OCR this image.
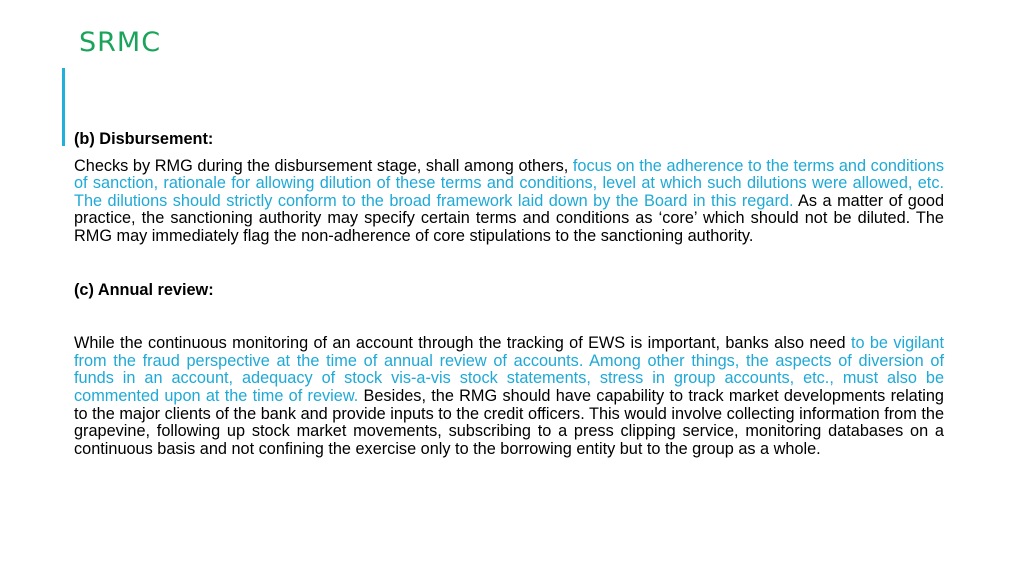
SRMC

(b) Disbursement:

Checks by RMG during the disbursement stage, shall among others, focus on the adherence to the terms and conditions of sanction, rationale for allowing dilution of these terms and conditions, level at which such dilutions were allowed, etc. The dilutions should strictly conform to the broad framework laid down by the Board in this regard. As a matter of good practice, the sanctioning authority may specify certain terms and conditions as ‘core’ which should not be diluted. The RMG may immediately flag the non-adherence of core stipulations to the sanctioning authority.

(c) Annual review:

While the continuous monitoring of an account through the tracking of EWS is important, banks also need to be vigilant from the fraud perspective at the time of annual review of accounts. Among other things, the aspects of diversion of funds in an account, adequacy of stock vis-a-vis stock statements, stress in group accounts, etc., must also be commented upon at the time of review. Besides, the RMG should have capability to track market developments relating to the major clients of the bank and provide inputs to the credit officers. This would involve collecting information from the grapevine, following up stock market movements, subscribing to a press clipping service, monitoring databases on a continuous basis and not confining the exercise only to the borrowing entity but to the group as a whole.
